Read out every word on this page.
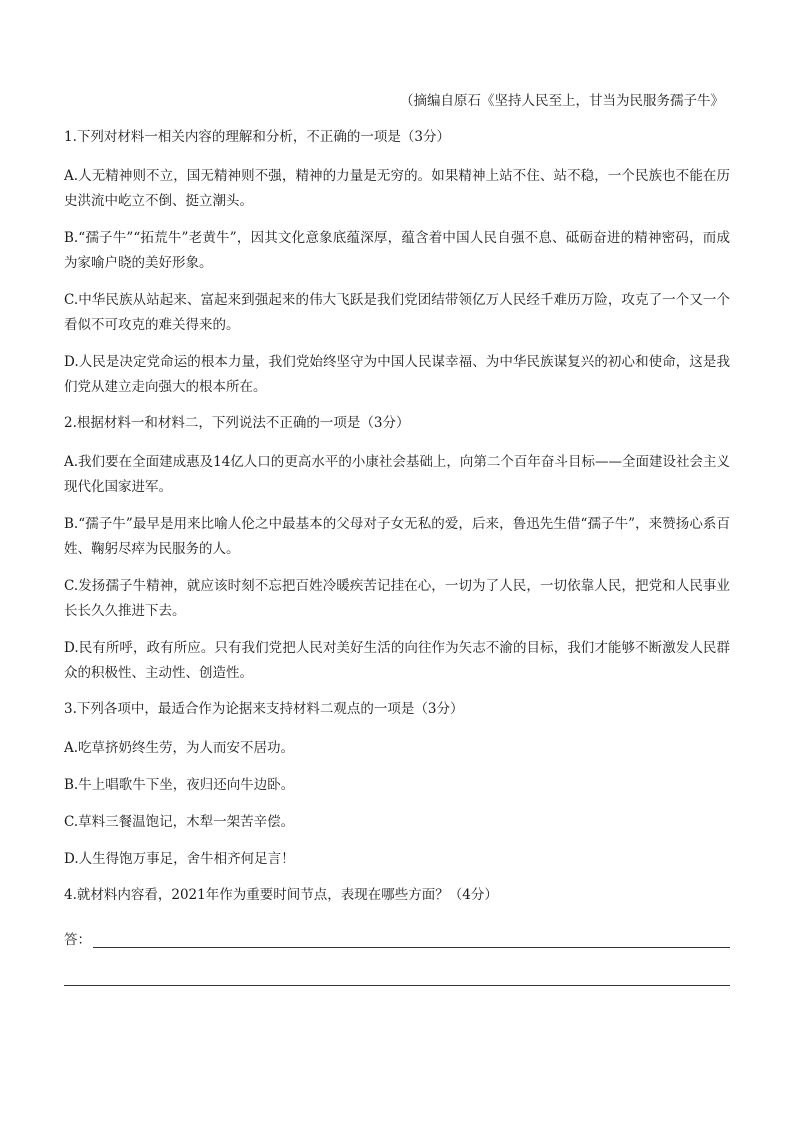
（摘编自原石《坚持人民至上，甘当为民服务孺子牛》
1.下列对材料一相关内容的理解和分析，不正确的一项是（3分）
A.人无精神则不立，国无精神则不强，精神的力量是无穷的。如果精神上站不住、站不稳，一个民族也不能在历史洪流中屹立不倒、挺立潮头。
B.“孺子牛”“拓荒牛”老黄牛”，因其文化意象底蕴深厚，蕴含着中国人民自强不息、砥砺奋进的精神密码，而成为家喻户晓的美好形象。
C.中华民族从站起来、富起来到强起来的伟大飞跃是我们党团结带领亿万人民经千难历万险，攻克了一个又一个看似不可攻克的难关得来的。
D.人民是决定党命运的根本力量，我们党始终坚守为中国人民谋幸福、为中华民族谋复兴的初心和使命，这是我们党从建立走向强大的根本所在。
2.根据材料一和材料二，下列说法不正确的一项是（3分）
A.我们要在全面建成惠及14亿人口的更高水平的小康社会基础上，向第二个百年奋斗目标——全面建设社会主义现代化国家进军。
B.“孺子牛”最早是用来比喻人伦之中最基本的父母对子女无私的爱，后来，鲁迅先生借“孺子牛”，来赞扬心系百姓、鞠躬尽瘁为民服务的人。
C.发扬孺子牛精神，就应该时刻不忘把百姓冷暖疾苦记挂在心，一切为了人民，一切依靠人民，把党和人民事业长长久久推进下去。
D.民有所呼，政有所应。只有我们党把人民对美好生活的向往作为矢志不渝的目标，我们才能够不断激发人民群众的积极性、主动性、创造性。
3.下列各项中，最适合作为论据来支持材料二观点的一项是（3分）
A.吃草挤奶终生劳，为人而安不居功。
B.牛上唱歌牛下坐，夜归还向牛边卧。
C.草料三餐温饱记，木犁一架苦辛偿。
D.人生得饱万事足，舍牛相齐何足言！
4.就材料内容看，2021年作为重要时间节点，表现在哪些方面？（4分）
答：
